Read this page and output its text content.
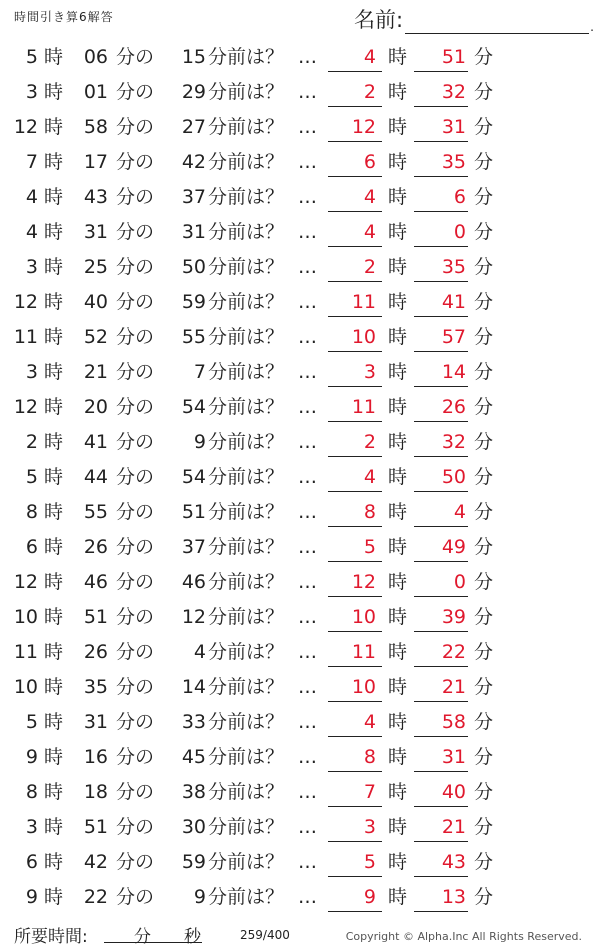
時間引き算6解答	名前:	.
5 時	06 分の	15 分前は？ …	4 時	51 分
3 時	01 分の	29 分前は？ …	2 時	32 分
12 時	58 分の	27 分前は？ …	12 時	31 分
7 時	17 分の	42 分前は？ …	6 時	35 分
4 時	43 分の	37 分前は？ …	4 時	6 分
4 時	31 分の	31 分前は？ …	4 時	0 分
3 時	25 分の	50 分前は？ …	2 時	35 分
12 時	40 分の	59 分前は？ …	11 時	41 分
11 時	52 分の	55 分前は？ …	10 時	57 分
3 時	21 分の	7 分前は？ …	3 時	14 分
12 時	20 分の	54 分前は？ …	11 時	26 分
2 時	41 分の	9 分前は？ …	2 時	32 分
5 時	44 分の	54 分前は？ …	4 時	50 分
8 時	55 分の	51 分前は？ …	8 時	4 分
6 時	26 分の	37 分前は？ …	5 時	49 分
12 時	46 分の	46 分前は？ …	12 時	0 分
10 時	51 分の	12 分前は？ …	10 時	39 分
11 時	26 分の	4 分前は？ …	11 時	22 分
10 時	35 分の	14 分前は？ …	10 時	21 分
5 時	31 分の	33 分前は？ …	4 時	58 分
9 時	16 分の	45 分前は？ …	8 時	31 分
8 時	18 分の	38 分前は？ …	7 時	40 分
3 時	51 分の	30 分前は？ …	3 時	21 分
6 時	42 分の	59 分前は？ …	5 時	43 分
9 時	22 分の	9 分前は？ …	9 時	13 分
所要時間:	分 秒	259/400	Copyright © Alpha.Inc All Rights Reserved.
